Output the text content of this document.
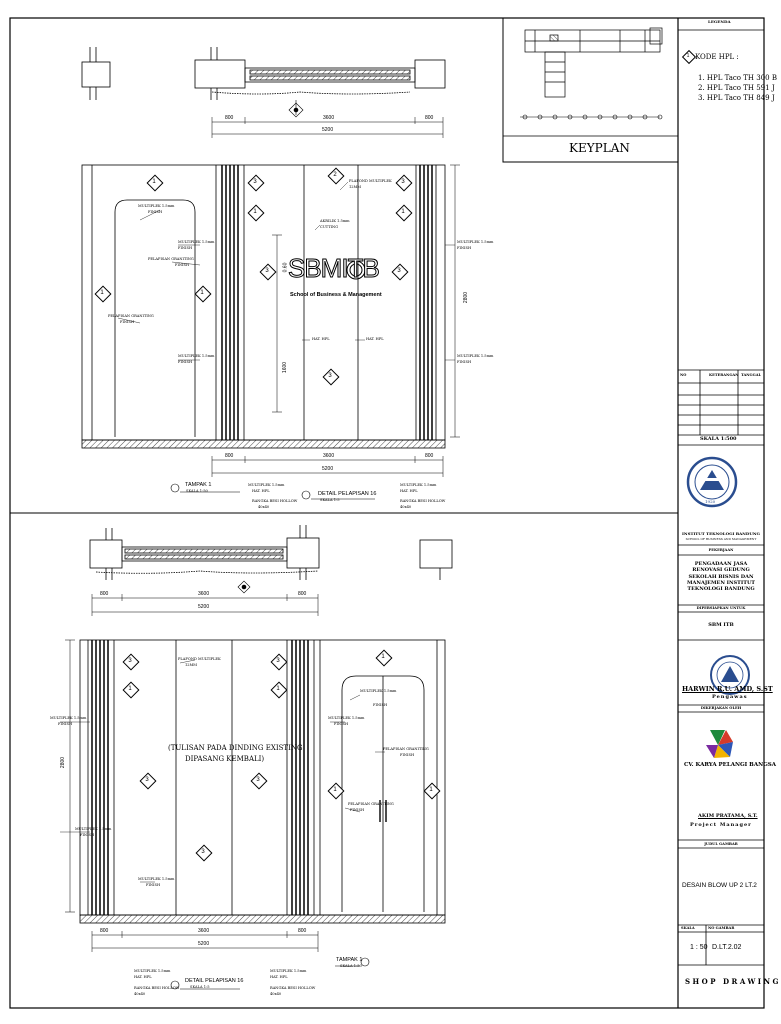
KEYPLAN
LEGENDA
1 KODE HPL :
1. HPL Taco TH 300 B
2. HPL Taco TH 591 J
3. HPL Taco TH 849 J
NO	KETERANGAN TANGGAL
SKALA 1:500
INSTITUT TEKNOLOGI BANDUNG
SCHOOL OF BUSINESS AND MANAGEMENT
1920
PEKERJAAN
PENGADAAN JASA RENOVASI GEDUNG SEKOLAH BISNIS DAN MANAJEMEN INSTITUT TEKNOLOGI BANDUNG
DIPERSIAPKAN UNTUK
SBM ITB
HARWIN R.U. AMD, S.ST
Pengawas
DIKERJAKAN OLEH
CV. KARYA PELANGI BANGSA
AKIM PRATAMA, S.T.
Project Manager
JUDUL GAMBAR
DESAIN BLOW UP 2 LT.2
SKALA	NO GAMBAR
1 : 50 D.LT.2.02
SHOP DRAWING
800	3600	800
5200
800	3600	800
5200
2800
1600
0.60 SBMITB
School of Business & Management
PLAFOND MULTIPLEK
12MM
AKRILIK 1.5mm
CUTTING
MULTIPLEK 1.5mm
FINISH
MULTIPLEK 1.5mm
FINISH
PELAPISAN GRANITING
FINISH
PELAPISAN GRANITING
FINISH
MULTIPLEK 1.5mm
FINISH
HAT. HPL	HAT. HPL
MULTIPLEK 1.5mm
FINISH
MULTIPLEK 1.5mm
FINISH
MULTIPLEK 1.5mm
HAT. HPL
RANGKA BESI HOLLOW
40x40
MULTIPLEK 1.5mm
HAT. HPL
RANGKA BESI HOLLOW
40x40
TAMPAK 1
SKALA 1:50	DETAIL PELAPISAN 16
SKALA 1:5
1
1	1
3
1
3
2
3
3
1
3
800	3600	800
5200
800	3600	800
5200
2800
(TULISAN PADA DINDING EXISTING
DIPASANG KEMBALI)
PLAFOND MULTIPLEK
12MM
MULTIPLEK 1.5mm
FINISH
MULTIPLEK 1.5mm
FINISH
MULTIPLEK 1.5mm
FINISH
MULTIPLEK 1.5mm
FINISH
MULTIPLEK 1.5mm
FINISH
PELAPISAN GRANITING
FINISH
PELAPISAN GRANITING
FINISH
MULTIPLEK 1.5mm
HAT. HPL
RANGKA BESI HOLLOW
40x40
MULTIPLEK 1.5mm
HAT. HPL
RANGKA BESI HOLLOW
40x40
TAMPAK 1
SKALA 1:50
DETAIL PELAPISAN 16
SKALA 1:5
3
1
3
3
3
3
1
1
1
1
